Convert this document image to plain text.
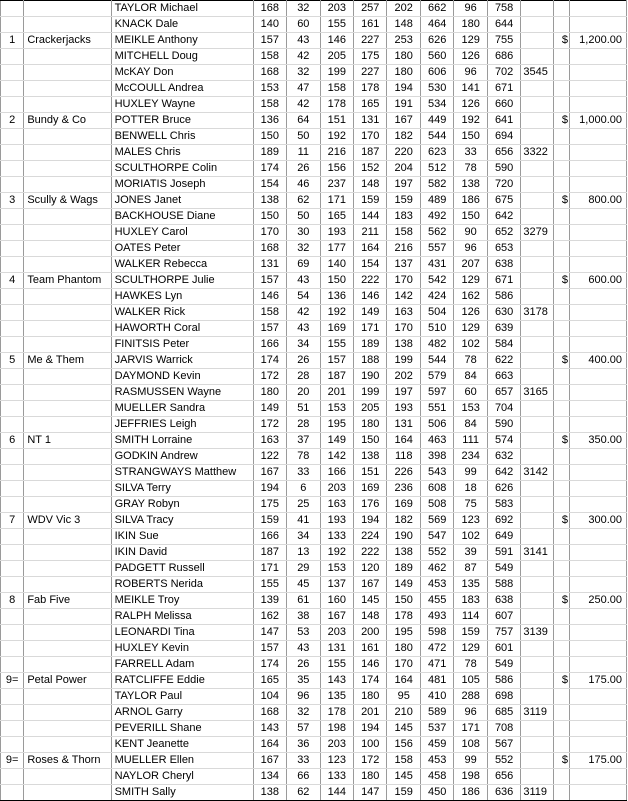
		TAYLOR Michael	168	32	203	257	202	662	96	758			
		KNACK Dale	140	60	155	161	148	464	180	644			
1	Crackerjacks	MEIKLE Anthony	157	43	146	227	253	626	129	755		$	1,200.00
		MITCHELL Doug	158	42	205	175	180	560	126	686			
		McKAY Don	168	32	199	227	180	606	96	702	3545		
		McCOULL Andrea	153	47	158	178	194	530	141	671			
		HUXLEY Wayne	158	42	178	165	191	534	126	660			
2	Bundy & Co	POTTER Bruce	136	64	151	131	167	449	192	641		$	1,000.00
		BENWELL Chris	150	50	192	170	182	544	150	694			
		MALES Chris	189	11	216	187	220	623	33	656	3322		
		SCULTHORPE Colin	174	26	156	152	204	512	78	590			
		MORIATIS Joseph	154	46	237	148	197	582	138	720			
3	Scully & Wags	JONES Janet	138	62	171	159	159	489	186	675		$	800.00
		BACKHOUSE Diane	150	50	165	144	183	492	150	642			
		HUXLEY Carol	170	30	193	211	158	562	90	652	3279		
		OATES Peter	168	32	177	164	216	557	96	653			
		WALKER Rebecca	131	69	140	154	137	431	207	638			
4	Team Phantom	SCULTHORPE Julie	157	43	150	222	170	542	129	671		$	600.00
		HAWKES Lyn	146	54	136	146	142	424	162	586			
		WALKER Rick	158	42	192	149	163	504	126	630	3178		
		HAWORTH Coral	157	43	169	171	170	510	129	639			
		FINITSIS Peter	166	34	155	189	138	482	102	584			
5	Me & Them	JARVIS Warrick	174	26	157	188	199	544	78	622		$	400.00
		DAYMOND Kevin	172	28	187	190	202	579	84	663			
		RASMUSSEN Wayne	180	20	201	199	197	597	60	657	3165		
		MUELLER Sandra	149	51	153	205	193	551	153	704			
		JEFFRIES Leigh	172	28	195	180	131	506	84	590			
6	NT 1	SMITH Lorraine	163	37	149	150	164	463	111	574		$	350.00
		GODKIN Andrew	122	78	142	138	118	398	234	632			
		STRANGWAYS Matthew	167	33	166	151	226	543	99	642	3142		
		SILVA Terry	194	6	203	169	236	608	18	626			
		GRAY Robyn	175	25	163	176	169	508	75	583			
7	WDV Vic 3	SILVA Tracy	159	41	193	194	182	569	123	692		$	300.00
		IKIN Sue	166	34	133	224	190	547	102	649			
		IKIN David	187	13	192	222	138	552	39	591	3141		
		PADGETT Russell	171	29	153	120	189	462	87	549			
		ROBERTS Nerida	155	45	137	167	149	453	135	588			
8	Fab Five	MEIKLE Troy	139	61	160	145	150	455	183	638		$	250.00
		RALPH Melissa	162	38	167	148	178	493	114	607			
		LEONARDI Tina	147	53	203	200	195	598	159	757	3139		
		HUXLEY Kevin	157	43	131	161	180	472	129	601			
		FARRELL Adam	174	26	155	146	170	471	78	549			
9=	Petal Power	RATCLIFFE Eddie	165	35	143	174	164	481	105	586		$	175.00
		TAYLOR Paul	104	96	135	180	95	410	288	698			
		ARNOL Garry	168	32	178	201	210	589	96	685	3119		
		PEVERILL Shane	143	57	198	194	145	537	171	708			
		KENT Jeanette	164	36	203	100	156	459	108	567			
9=	Roses & Thorn	MUELLER Ellen	167	33	123	172	158	453	99	552		$	175.00
		NAYLOR Cheryl	134	66	133	180	145	458	198	656			
		SMITH Sally	138	62	144	147	159	450	186	636	3119		
